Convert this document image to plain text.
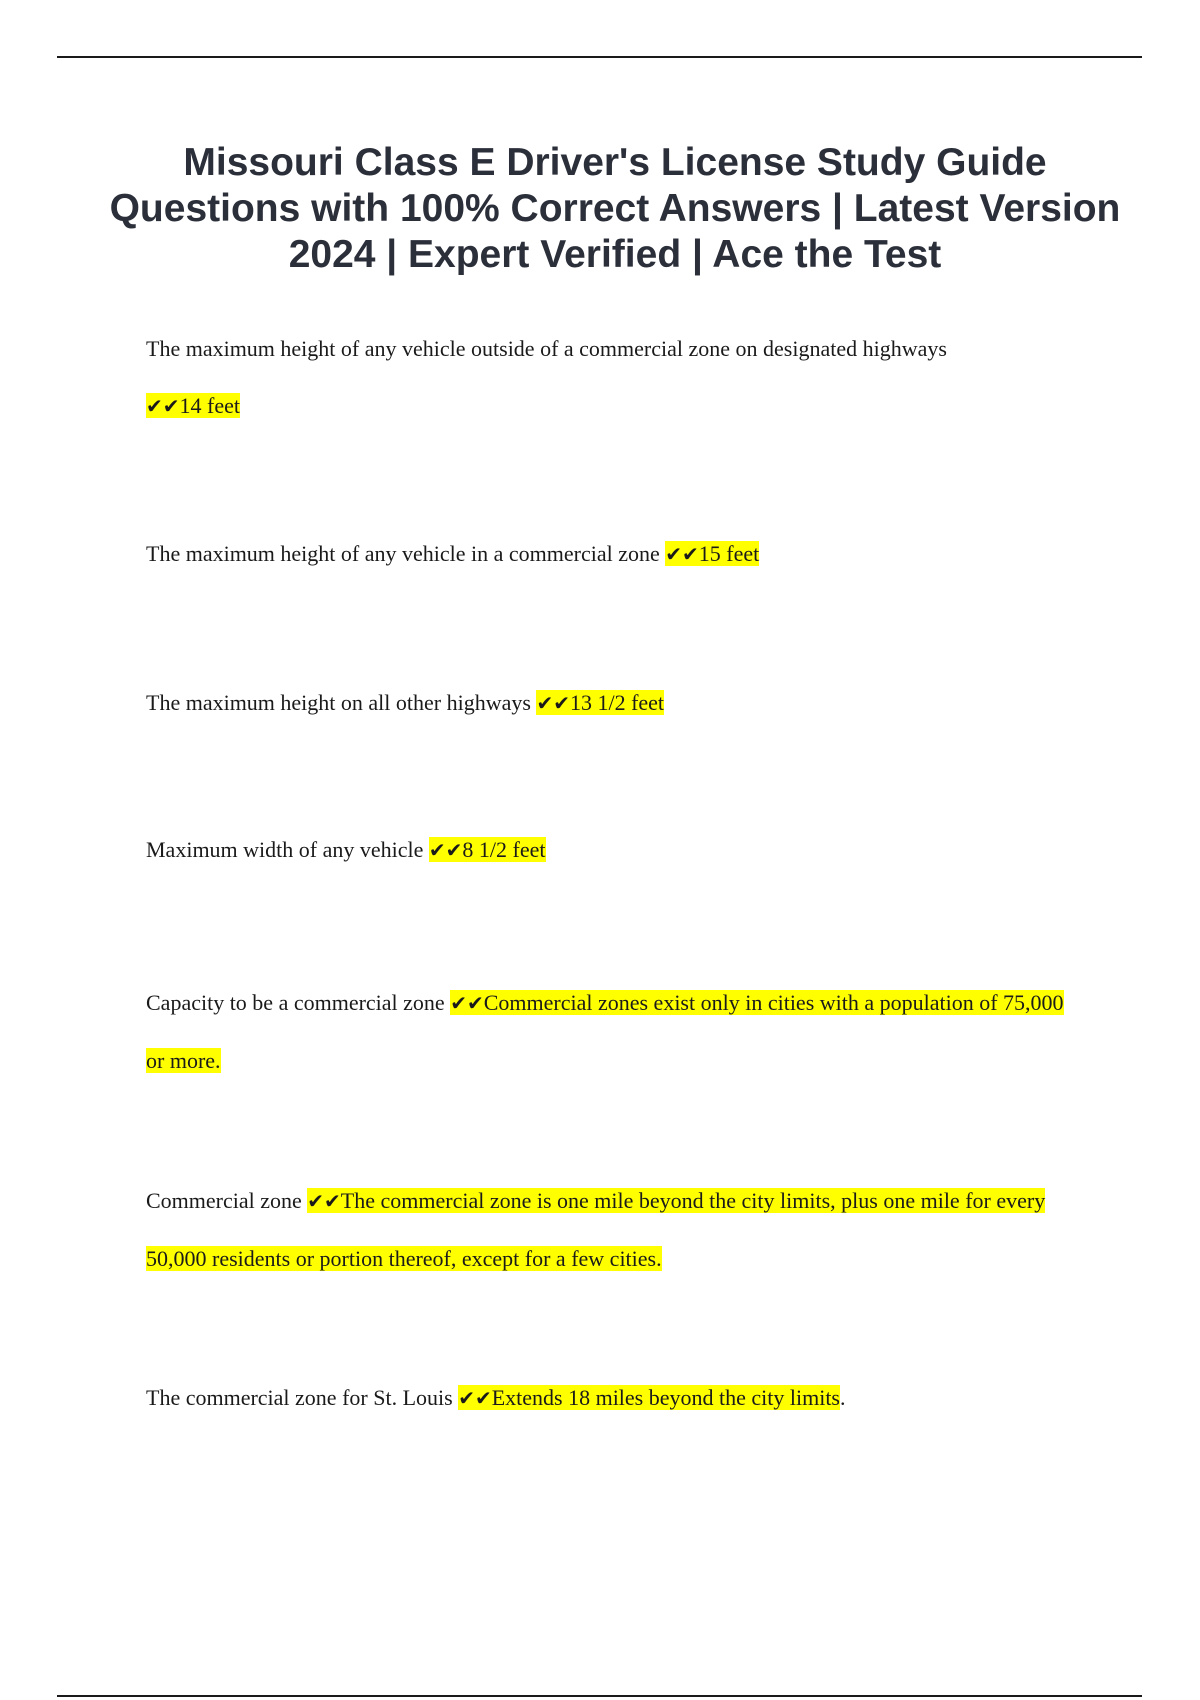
Missouri Class E Driver's License Study Guide Questions with 100% Correct Answers | Latest Version 2024 | Expert Verified | Ace the Test

The maximum height of any vehicle outside of a commercial zone on designated highways
✔✔14 feet

The maximum height of any vehicle in a commercial zone ✔✔15 feet

The maximum height on all other highways ✔✔13 1/2 feet

Maximum width of any vehicle ✔✔8 1/2 feet

Capacity to be a commercial zone ✔✔Commercial zones exist only in cities with a population of 75,000 or more.

Commercial zone ✔✔The commercial zone is one mile beyond the city limits, plus one mile for every 50,000 residents or portion thereof, except for a few cities.

The commercial zone for St. Louis ✔✔Extends 18 miles beyond the city limits.
